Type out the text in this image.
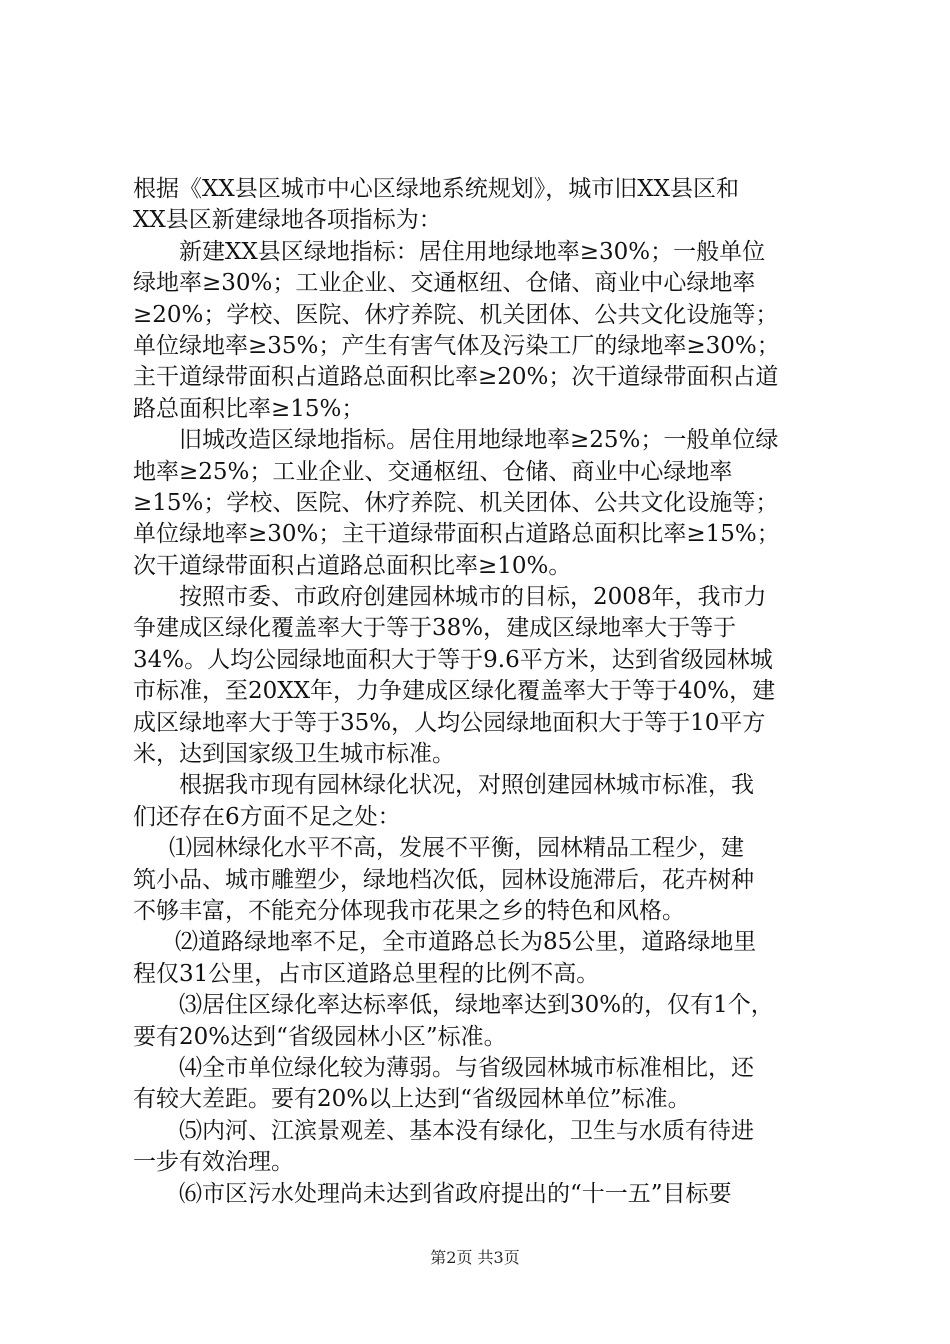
根据《XX县区城市中心区绿地系统规划》，城市旧XX县区和
XX县区新建绿地各项指标为：
新建XX县区绿地指标：居住用地绿地率≥30%；一般单位
绿地率≥30%；工业企业、交通枢纽、仓储、商业中心绿地率
≥20%；学校、医院、休疗养院、机关团体、公共文化设施等；
单位绿地率≥35%；产生有害气体及污染工厂的绿地率≥30%；
主干道绿带面积占道路总面积比率≥20%；次干道绿带面积占道
路总面积比率≥15%；
旧城改造区绿地指标。居住用地绿地率≥25%；一般单位绿
地率≥25%；工业企业、交通枢纽、仓储、商业中心绿地率
≥15%；学校、医院、休疗养院、机关团体、公共文化设施等；
单位绿地率≥30%；主干道绿带面积占道路总面积比率≥15%；
次干道绿带面积占道路总面积比率≥10%。
按照市委、市政府创建园林城市的目标，2008年，我市力
争建成区绿化覆盖率大于等于38%，建成区绿地率大于等于
34%。人均公园绿地面积大于等于9.6平方米，达到省级园林城
市标准，至20XX年，力争建成区绿化覆盖率大于等于40%，建
成区绿地率大于等于35%，人均公园绿地面积大于等于10平方
米，达到国家级卫生城市标准。
根据我市现有园林绿化状况，对照创建园林城市标准，我
们还存在6方面不足之处：
⑴园林绿化水平不高，发展不平衡，园林精品工程少，建
筑小品、城市雕塑少，绿地档次低，园林设施滞后，花卉树种
不够丰富，不能充分体现我市花果之乡的特色和风格。
⑵道路绿地率不足，全市道路总长为85公里，道路绿地里
程仅31公里，占市区道路总里程的比例不高。
⑶居住区绿化率达标率低，绿地率达到30%的，仅有1个，
要有20%达到“省级园林小区”标准。
⑷全市单位绿化较为薄弱。与省级园林城市标准相比，还
有较大差距。要有20%以上达到“省级园林单位”标准。
⑸内河、江滨景观差、基本没有绿化，卫生与水质有待进
一步有效治理。
⑹市区污水处理尚未达到省政府提出的“十一五”目标要
第2页 共3页
